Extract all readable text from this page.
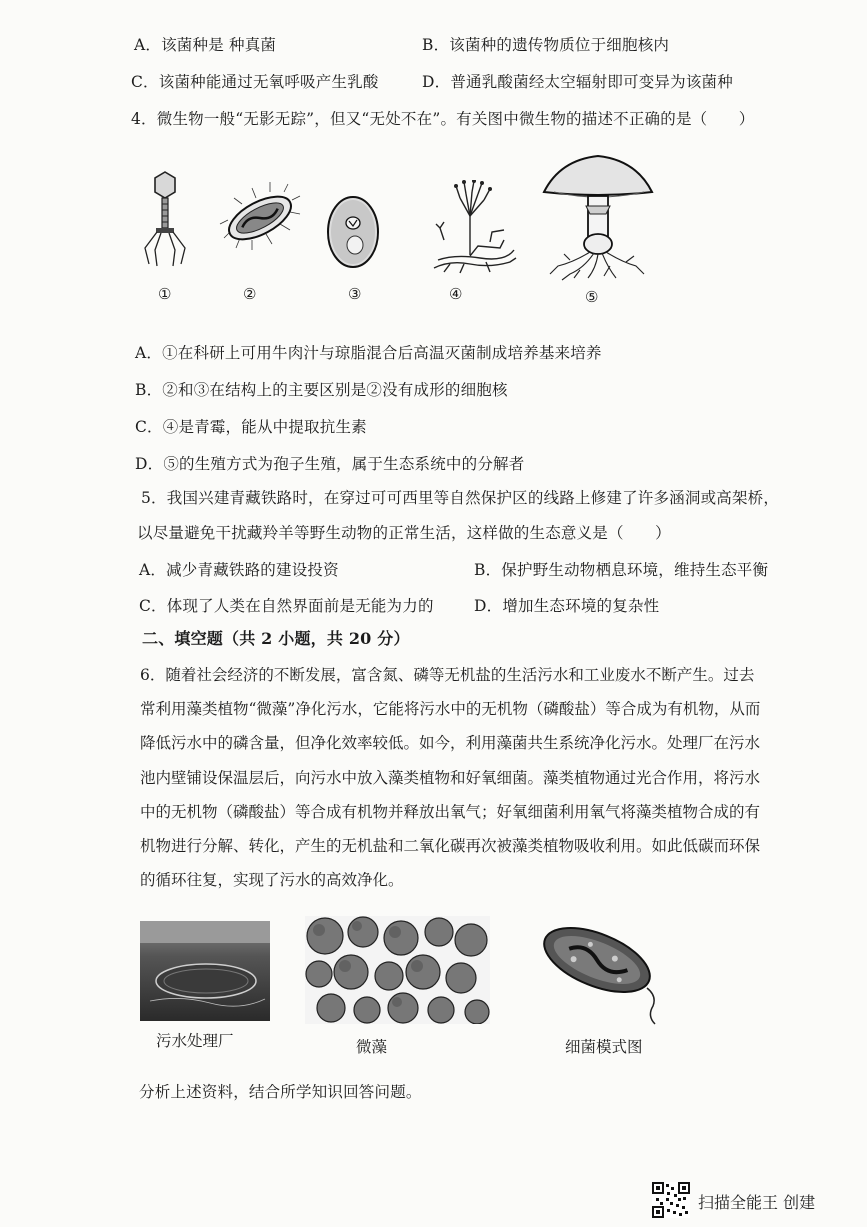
A．该菌种是 种真菌	B．该菌种的遗传物质位于细胞核内
C．该菌种能通过无氧呼吸产生乳酸	D．普通乳酸菌经太空辐射即可变异为该菌种
4．微生物一般“无影无踪”，但又“无处不在”。有关图中微生物的描述不正确的是（　　）
①	②	③	④	⑤
A．①在科研上可用牛肉汁与琼脂混合后高温灭菌制成培养基来培养
B．②和③在结构上的主要区别是②没有成形的细胞核
C．④是青霉，能从中提取抗生素
D．⑤的生殖方式为孢子生殖，属于生态系统中的分解者
5．我国兴建青藏铁路时，在穿过可可西里等自然保护区的线路上修建了许多涵洞或高架桥，
以尽量避免干扰藏羚羊等野生动物的正常生活，这样做的生态意义是（　　）
A．减少青藏铁路的建设投资	B．保护野生动物栖息环境，维持生态平衡
C．体现了人类在自然界面前是无能为力的	D．增加生态环境的复杂性
二、填空题（共 2 小题，共 20 分）
6．随着社会经济的不断发展，富含氮、磷等无机盐的生活污水和工业废水不断产生。过去
常利用藻类植物“微藻”净化污水，它能将污水中的无机物（磷酸盐）等合成为有机物，从而
降低污水中的磷含量，但净化效率较低。如今，利用藻菌共生系统净化污水。处理厂在污水
池内壁铺设保温层后，向污水中放入藻类植物和好氧细菌。藻类植物通过光合作用，将污水
中的无机物（磷酸盐）等合成有机物并释放出氧气；好氧细菌利用氧气将藻类植物合成的有
机物进行分解、转化，产生的无机盐和二氧化碳再次被藻类植物吸收利用。如此低碳而环保
的循环往复，实现了污水的高效净化。
污水处理厂	微藻	细菌模式图
分析上述资料，结合所学知识回答问题。
扫描全能王 创建
